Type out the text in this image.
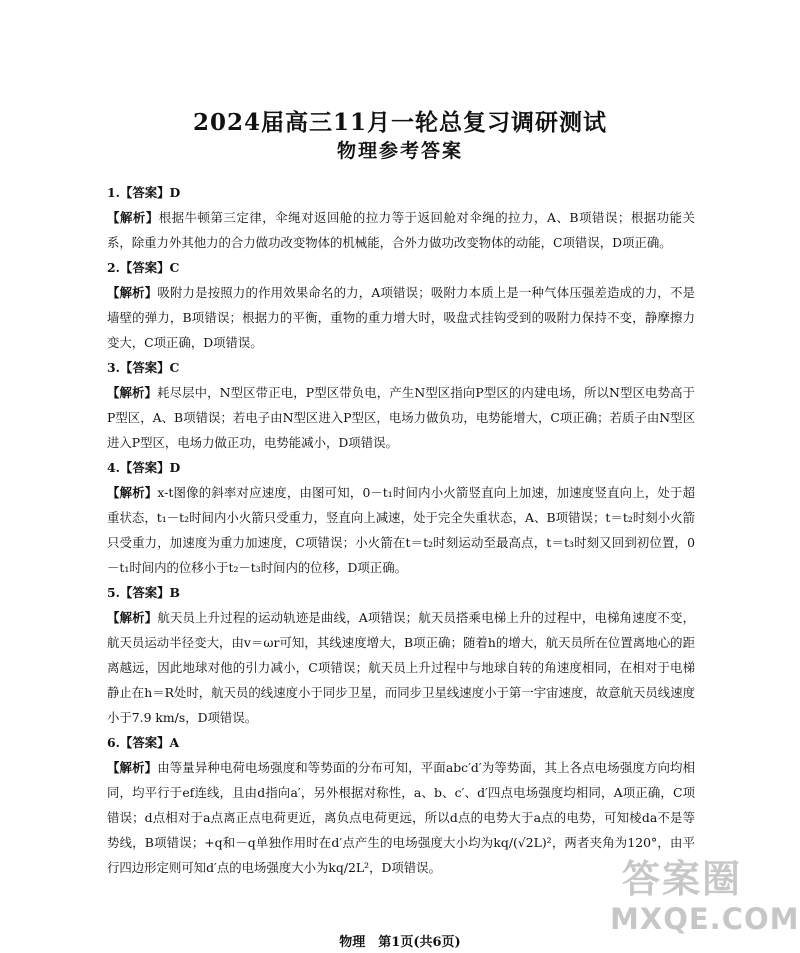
2024届高三11月一轮总复习调研测试
物理参考答案

1.【答案】D

【解析】根据牛顿第三定律，伞绳对返回舱的拉力等于返回舱对伞绳的拉力，A、B项错误；根据功能关系，除重力外其他力的合力做功改变物体的机械能，合外力做功改变物体的动能，C项错误，D项正确。

2.【答案】C

【解析】吸附力是按照力的作用效果命名的力，A项错误；吸附力本质上是一种气体压强差造成的力，不是墙壁的弹力，B项错误；根据力的平衡，重物的重力增大时，吸盘式挂钩受到的吸附力保持不变，静摩擦力变大，C项正确，D项错误。

3.【答案】C

【解析】耗尽层中，N型区带正电，P型区带负电，产生N型区指向P型区的内建电场，所以N型区电势高于P型区，A、B项错误；若电子由N型区进入P型区，电场力做负功，电势能增大，C项正确；若质子由N型区进入P型区，电场力做正功，电势能减小，D项错误。

4.【答案】D

【解析】x-t图像的斜率对应速度，由图可知，0－t₁时间内小火箭竖直向上加速，加速度竖直向上，处于超重状态，t₁－t₂时间内小火箭只受重力，竖直向上减速，处于完全失重状态，A、B项错误；t＝t₂时刻小火箭只受重力，加速度为重力加速度，C项错误；小火箭在t＝t₂时刻运动至最高点，t＝t₃时刻又回到初位置，0－t₁时间内的位移小于t₂－t₃时间内的位移，D项正确。

5.【答案】B

【解析】航天员上升过程的运动轨迹是曲线，A项错误；航天员搭乘电梯上升的过程中，电梯角速度不变，航天员运动半径变大，由v＝ωr可知，其线速度增大，B项正确；随着h的增大，航天员所在位置离地心的距离越远，因此地球对他的引力减小，C项错误；航天员上升过程中与地球自转的角速度相同，在相对于电梯静止在h＝R处时，航天员的线速度小于同步卫星，而同步卫星线速度小于第一宇宙速度，故意航天员线速度小于7.9 km/s，D项错误。

6.【答案】A

【解析】由等量异种电荷电场强度和等势面的分布可知，平面abc′d′为等势面，其上各点电场强度方向均相同，均平行于ef连线，且由d指向a′，另外根据对称性，a、b、c′、d′四点电场强度均相同，A项正确，C项错误；d点相对于a点离正点电荷更近，离负点电荷更远，所以d点的电势大于a点的电势，可知棱da不是等势线，B项错误；+q和－q单独作用时在d′点产生的电场强度大小均为kq/(√2L)²，两者夹角为120°，由平行四边形定则可知d′点的电场强度大小为kq/2L²，D项错误。

物理　第1页(共6页)
答案圈
MXQE.COM
